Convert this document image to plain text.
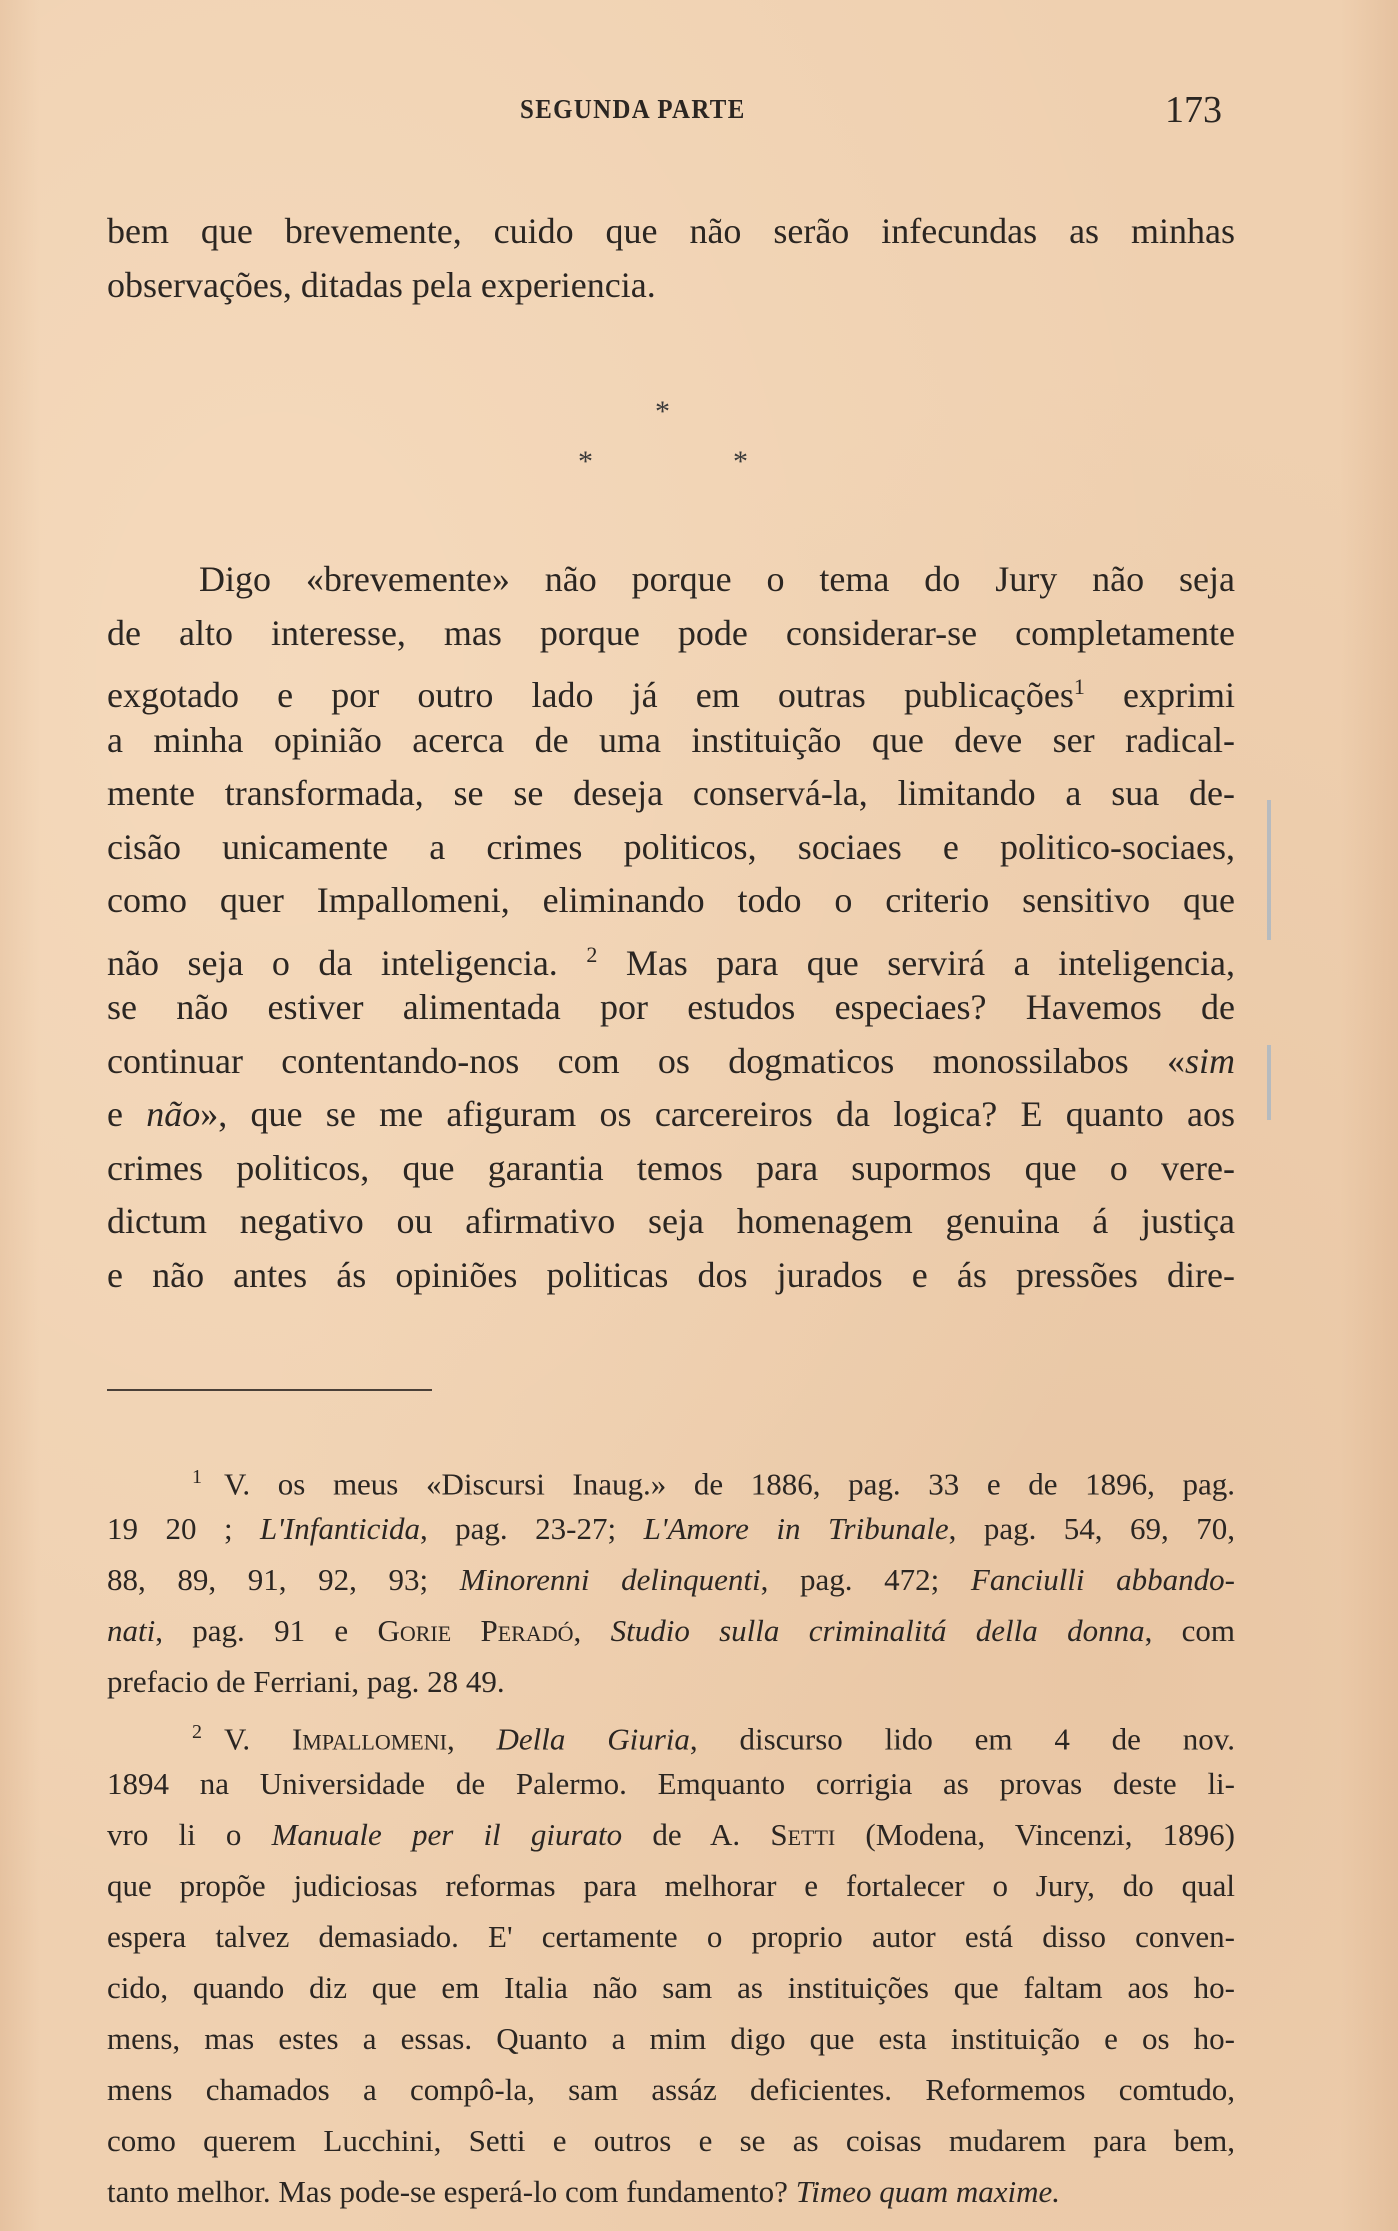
SEGUNDA PARTE	173
bem que brevemente, cuido que não serão infecundas as minhas
observações, ditadas pela experiencia.
*
*	*
Digo «brevemente» não porque o tema do Jury não seja
de alto interesse, mas porque pode considerar-se completamente
exgotado e por outro lado já em outras publicações$^1$ exprimi
a minha opinião acerca de uma instituição que deve ser radical-
mente transformada, se se deseja conservá-la, limitando a sua de-
cisão unicamente a crimes politicos, sociaes e politico-sociaes,
como quer Impallomeni, eliminando todo o criterio sensitivo que
não seja o da inteligencia. $^2$ Mas para que servirá a inteligencia,
se não estiver alimentada por estudos especiaes? Havemos de
continuar contentando-nos com os dogmaticos monossilabos «sim
e não», que se me afiguram os carcereiros da logica? E quanto aos
crimes politicos, que garantia temos para supormos que o vere-
dictum negativo ou afirmativo seja homenagem genuina á justiça
e não antes ás opiniões politicas dos jurados e ás pressões dire-
$^1$ V. os meus «Discursi Inaug.» de 1886, pag. 33 e de 1896, pag.
19 20 ; L'Infanticida, pag. 23-27; L'Amore in Tribunale, pag. 54, 69, 70,
88, 89, 91, 92, 93; Minorenni delinquenti, pag. 472; Fanciulli abbando-
nati, pag. 91 e Gorie Peradó, Studio sulla criminalitá della donna, com
prefacio de Ferriani, pag. 28 49.
$^2$ V. Impallomeni, Della Giuria, discurso lido em 4 de nov.
1894 na Universidade de Palermo. Emquanto corrigia as provas deste li-
vro li o Manuale per il giurato de A. Setti (Modena, Vincenzi, 1896)
que propõe judiciosas reformas para melhorar e fortalecer o Jury, do qual
espera talvez demasiado. E' certamente o proprio autor está disso conven-
cido, quando diz que em Italia não sam as instituições que faltam aos ho-
mens, mas estes a essas. Quanto a mim digo que esta instituição e os ho-
mens chamados a compô-la, sam assáz deficientes. Reformemos comtudo,
como querem Lucchini, Setti e outros e se as coisas mudarem para bem,
tanto melhor. Mas pode-se esperá-lo com fundamento? Timeo quam maxime.
